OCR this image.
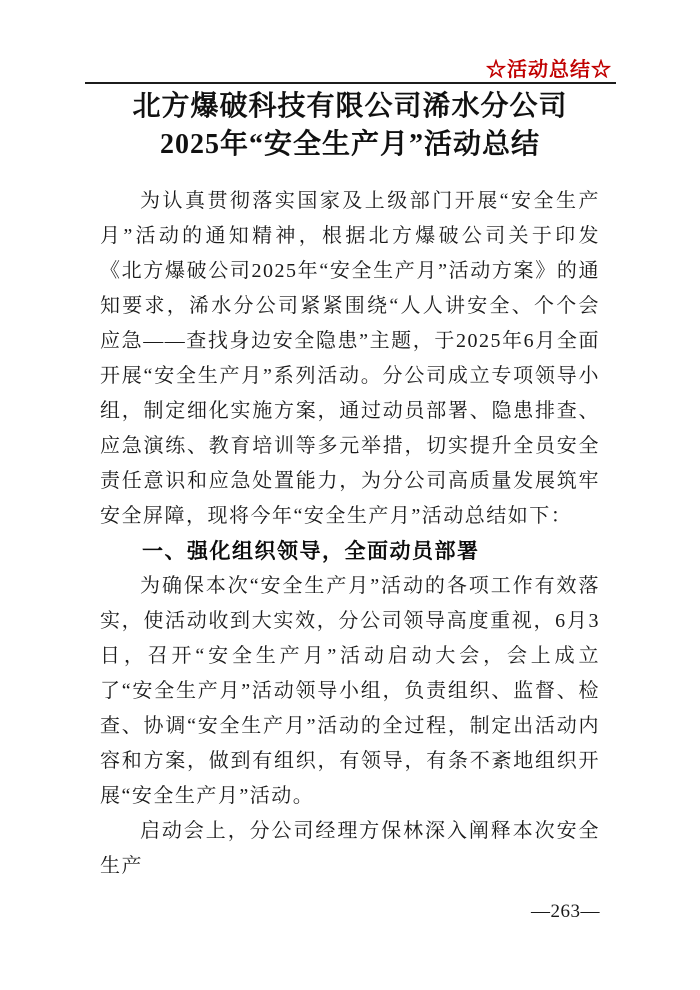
☆活动总结☆
北方爆破科技有限公司浠水分公司
2025年“安全生产月”活动总结

为认真贯彻落实国家及上级部门开展“安全生产月”活动的通知精神，根据北方爆破公司关于印发《北方爆破公司2025年“安全生产月”活动方案》的通知要求，浠水分公司紧紧围绕“人人讲安全、个个会应急——查找身边安全隐患”主题，于2025年6月全面开展“安全生产月”系列活动。分公司成立专项领导小组，制定细化实施方案，通过动员部署、隐患排查、应急演练、教育培训等多元举措，切实提升全员安全责任意识和应急处置能力，为分公司高质量发展筑牢安全屏障，现将今年“安全生产月”活动总结如下：

一、强化组织领导，全面动员部署

为确保本次“安全生产月”活动的各项工作有效落实，使活动收到大实效，分公司领导高度重视，6月3日，召开“安全生产月”活动启动大会，会上成立了“安全生产月”活动领导小组，负责组织、监督、检查、协调“安全生产月”活动的全过程，制定出活动内容和方案，做到有组织，有领导，有条不紊地组织开展“安全生产月”活动。

启动会上，分公司经理方保林深入阐释本次安全生产

—263—
